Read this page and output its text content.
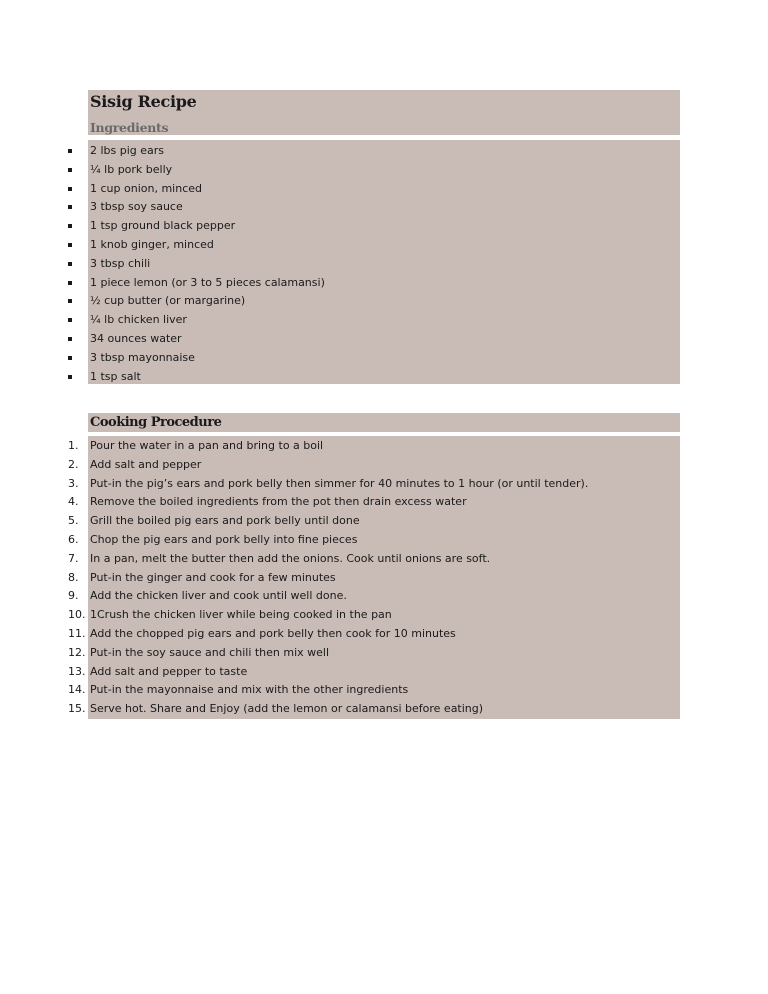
Sisig Recipe
Ingredients
Cooking Procedure
2 lbs pig ears
¼ lb pork belly
1 cup onion, minced
3 tbsp soy sauce
1 tsp ground black pepper
1 knob ginger, minced
3 tbsp chili
1 piece lemon (or 3 to 5 pieces calamansi)
½ cup butter (or margarine)
¼ lb chicken liver
34 ounces water
3 tbsp mayonnaise
1 tsp salt
1. Pour the water in a pan and bring to a boil
2. Add salt and pepper
3. Put-in the pig’s ears and pork belly then simmer for 40 minutes to 1 hour (or until tender).
4. Remove the boiled ingredients from the pot then drain excess water
5. Grill the boiled pig ears and pork belly until done
6. Chop the pig ears and pork belly into fine pieces
7. In a pan, melt the butter then add the onions. Cook until onions are soft.
8. Put-in the ginger and cook for a few minutes
9. Add the chicken liver and cook until well done.
10. 1Crush the chicken liver while being cooked in the pan
11. Add the chopped pig ears and pork belly then cook for 10 minutes
12. Put-in the soy sauce and chili then mix well
13. Add salt and pepper to taste
14. Put-in the mayonnaise and mix with the other ingredients
15. Serve hot. Share and Enjoy (add the lemon or calamansi before eating)
